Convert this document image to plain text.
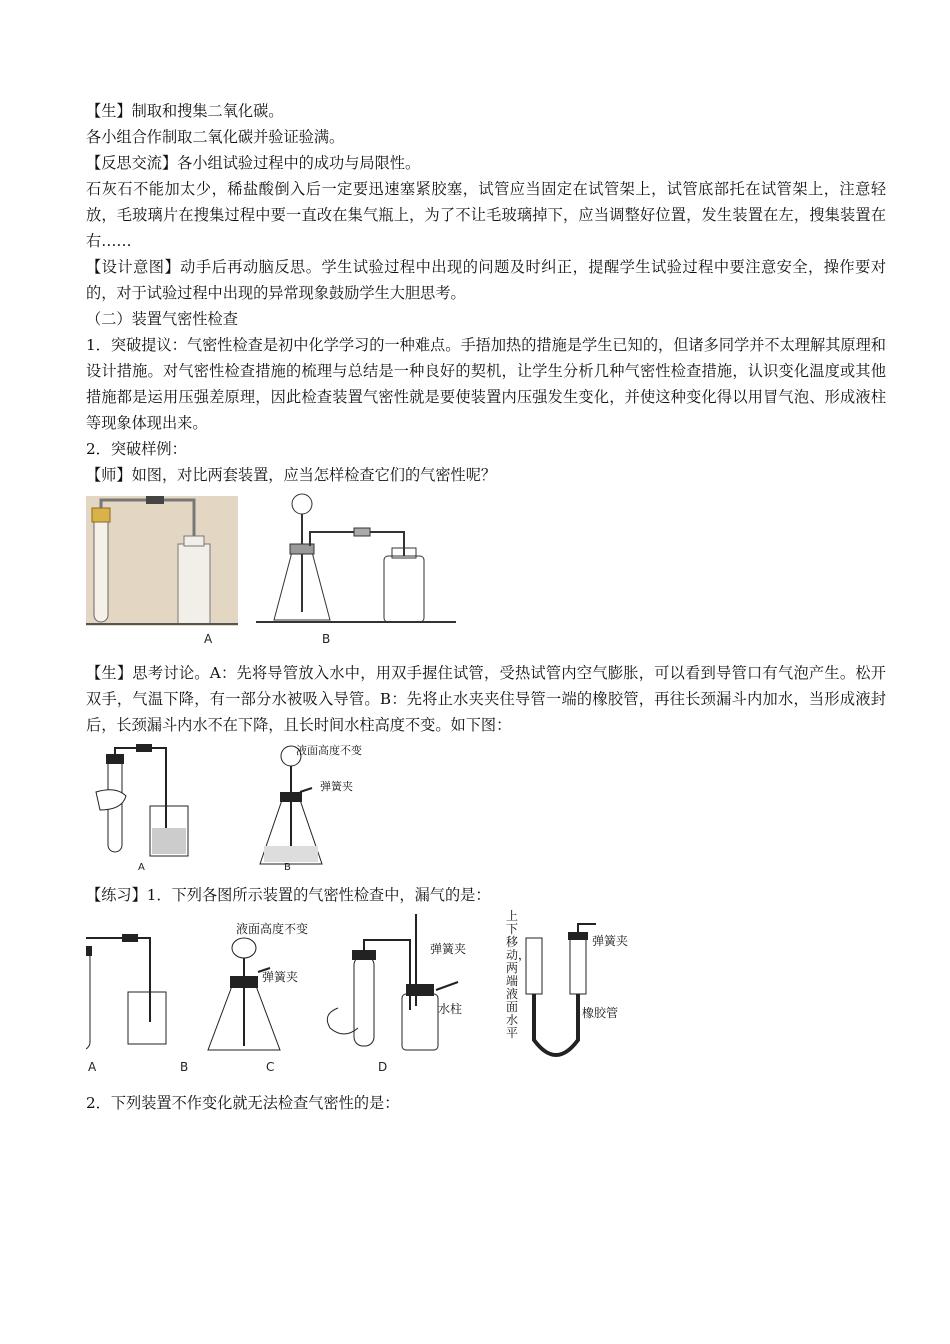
【生】制取和搜集二氧化碳。
各小组合作制取二氧化碳并验证验满。
【反思交流】各小组试验过程中的成功与局限性。
石灰石不能加太少，稀盐酸倒入后一定要迅速塞紧胶塞，试管应当固定在试管架上，试管底部托在试管架上，注意轻放，毛玻璃片在搜集过程中要一直改在集气瓶上，为了不让毛玻璃掉下，应当调整好位置，发生装置在左，搜集装置在右……
【设计意图】动手后再动脑反思。学生试验过程中出现的问题及时纠正，提醒学生试验过程中要注意安全，操作要对的，对于试验过程中出现的异常现象鼓励学生大胆思考。
（二）装置气密性检查
1．突破提议：气密性检查是初中化学学习的一种难点。手捂加热的措施是学生已知的，但诸多同学并不太理解其原理和设计措施。对气密性检查措施的梳理与总结是一种良好的契机，让学生分析几种气密性检查措施，认识变化温度或其他措施都是运用压强差原理，因此检查装置气密性就是要使装置内压强发生变化，并使这种变化得以用冒气泡、形成液柱等现象体现出来。
2．突破样例：
【师】如图，对比两套装置，应当怎样检查它们的气密性呢？
A	B
【生】思考讨论。A：先将导管放入水中，用双手握住试管，受热试管内空气膨胀，可以看到导管口有气泡产生。松开双手，气温下降，有一部分水被吸入导管。B：先将止水夹夹住导管一端的橡胶管，再往长颈漏斗内加水，当形成液封后，长颈漏斗内水不在下降，且长时间水柱高度不变。如下图：
液面高度不变
弹簧夹
A	B
【练习】1．下列各图所示装置的气密性检查中，漏气的是：
液面高度不变
弹簧夹
弹簧夹
水柱
上下移动，两端液面水平
弹簧夹
橡胶管
A	B	C	D
2．下列装置不作变化就无法检查气密性的是：
